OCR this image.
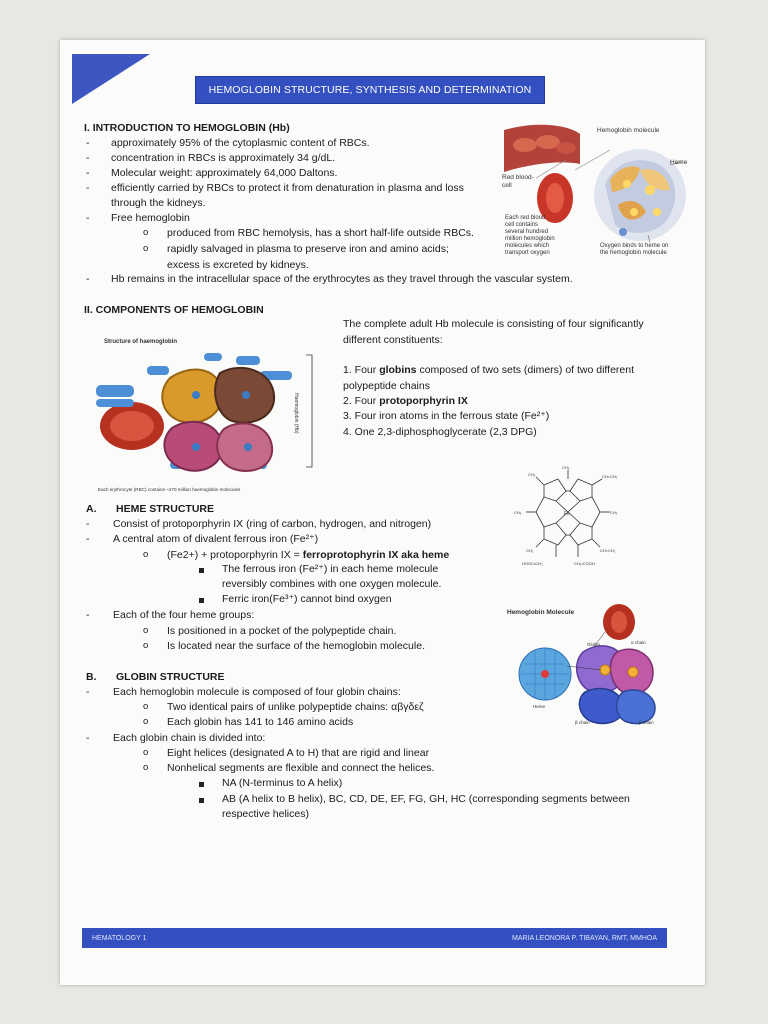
HEMOGLOBIN STRUCTURE, SYNTHESIS AND DETERMINATION
I. INTRODUCTION TO HEMOGLOBIN (Hb)
- approximately 95% of the cytoplasmic content of RBCs.
- concentration in RBCs is approximately 34 g/dL.
- Molecular weight: approximately 64,000 Daltons.
- efficiently carried by RBCs to protect it from denaturation in plasma and loss
through the kidneys.
- Free hemoglobin
o produced from RBC hemolysis, has a short half-life outside RBCs.
o rapidly salvaged in plasma to preserve iron and amino acids;
excess is excreted by kidneys.
- Hb remains in the intracellular space of the erythrocytes as they travel through the vascular system.
Hemoglobin molecule
Heme
Red blood-
cell
Each red blood
cell contains
several hundred
million hemoglobin
molecules which
transport oxygen
Oxygen binds to heme on
the hemoglobin molecule
II. COMPONENTS OF HEMOGLOBIN
The complete adult Hb molecule is consisting of four significantly
different constituents:
1. Four globins composed of two sets (dimers) of two different
polypeptide chains
2. Four protoporphyrin IX
3. Four iron atoms in the ferrous state (Fe²⁺)
4. One 2,3-diphosphoglycerate (2,3 DPG)
Structure of haemoglobin
Haemoglobin (Hb)
Each erythrocyte (RBC) contains ~270 million haemoglobin molecules
A. HEME STRUCTURE
- Consist of protoporphyrin IX (ring of carbon, hydrogen, and nitrogen)
- A central atom of divalent ferrous iron (Fe²⁺)
o (Fe2+) + protoporphyrin IX = ferroprotophyrin IX aka heme
The ferrous iron (Fe²⁺) in each heme molecule
reversibly combines with one oxygen molecule.
Ferric iron(Fe³⁺) cannot bind oxygen
- Each of the four heme groups:
o Is positioned in a pocket of the polypeptide chain.
o Is located near the surface of the hemoglobin molecule.
Fe
CH₃
CH₃
CH₃	CH=CH₂
CH₃
CH₂	CH=CH₂
HOOC•CH₂	CH₂•COOH
Hemoglobin Molecule
β chain	β chain
Globin	α chain
Heme
B. GLOBIN STRUCTURE
- Each hemoglobin molecule is composed of four globin chains:
o Two identical pairs of unlike polypeptide chains: αβγδεζ
o Each globin has 141 to 146 amino acids
- Each globin chain is divided into:
o Eight helices (designated A to H) that are rigid and linear
o Nonhelical segments are flexible and connect the helices.
NA (N-terminus to A helix)
AB (A helix to B helix), BC, CD, DE, EF, FG, GH, HC (corresponding segments between
respective helices)
HEMATOLOGY 1	MARIA LEONORA P. TIBAYAN, RMT, MMHOA
